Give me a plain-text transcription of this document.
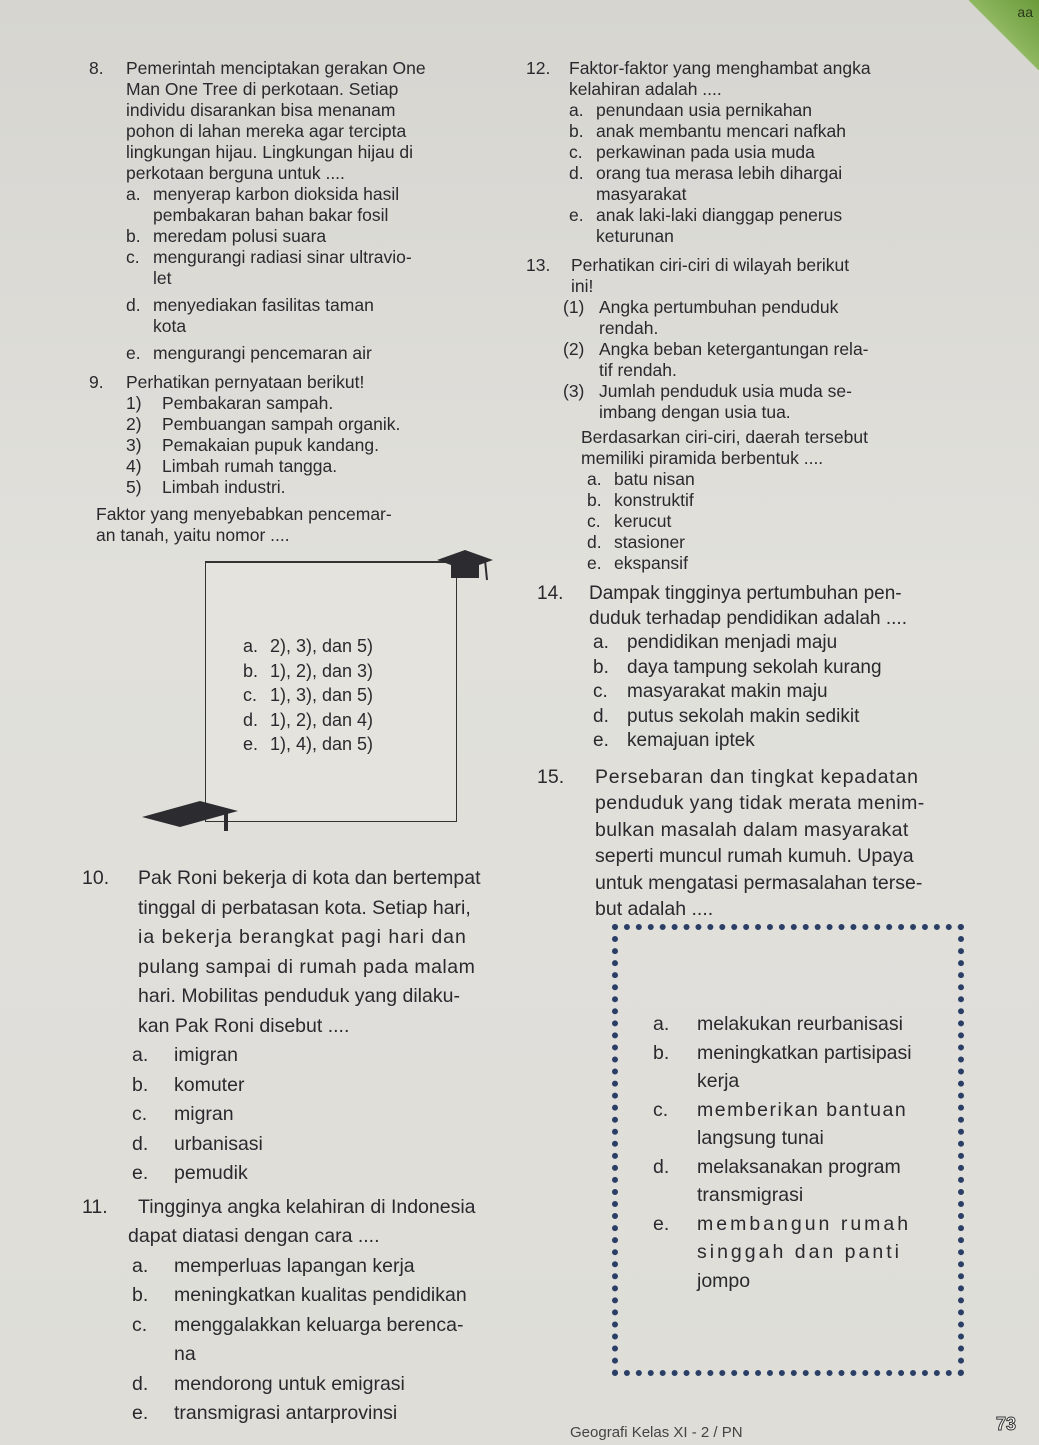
aa
8. Pemerintah menciptakan gerakan One
Man One Tree di perkotaan. Setiap
individu disarankan bisa menanam
pohon di lahan mereka agar tercipta
lingkungan hijau. Lingkungan hijau di
perkotaan berguna untuk ....
a. menyerap karbon dioksida hasil
pembakaran bahan bakar fosil
b. meredam polusi suara
c. mengurangi radiasi sinar ultravio-
let
d. menyediakan fasilitas taman
kota
e. mengurangi pencemaran air
9. Perhatikan pernyataan berikut!
1) Pembakaran sampah.
2) Pembuangan sampah organik.
3) Pemakaian pupuk kandang.
4) Limbah rumah tangga.
5) Limbah industri.
Faktor yang menyebabkan pencemar-
an tanah, yaitu nomor ....
a. 2), 3), dan 5)
b. 1), 2), dan 3)
c. 1), 3), dan 5)
d. 1), 2), dan 4)
e. 1), 4), dan 5)
10. Pak Roni bekerja di kota dan bertempat
tinggal di perbatasan kota. Setiap hari,
ia bekerja berangkat pagi hari dan
pulang sampai di rumah pada malam
hari. Mobilitas penduduk yang dilaku-
kan Pak Roni disebut ....
a. imigran
b. komuter
c. migran
d. urbanisasi
e. pemudik
11. Tingginya angka kelahiran di Indonesia
dapat diatasi dengan cara ....
a. memperluas lapangan kerja
b. meningkatkan kualitas pendidikan
c. menggalakkan keluarga berenca-
na
d. mendorong untuk emigrasi
e. transmigrasi antarprovinsi
12. Faktor-faktor yang menghambat angka
kelahiran adalah ....
a. penundaan usia pernikahan
b. anak membantu mencari nafkah
c. perkawinan pada usia muda
d. orang tua merasa lebih dihargai
masyarakat
e. anak laki-laki dianggap penerus
keturunan
13. Perhatikan ciri-ciri di wilayah berikut
ini!
(1) Angka pertumbuhan penduduk
rendah.
(2) Angka beban ketergantungan rela-
tif rendah.
(3) Jumlah penduduk usia muda se-
imbang dengan usia tua.
Berdasarkan ciri-ciri, daerah tersebut
memiliki piramida berbentuk ....
a. batu nisan
b. konstruktif
c. kerucut
d. stasioner
e. ekspansif
14. Dampak tingginya pertumbuhan pen-
duduk terhadap pendidikan adalah ....
a. pendidikan menjadi maju
b. daya tampung sekolah kurang
c. masyarakat makin maju
d. putus sekolah makin sedikit
e. kemajuan iptek
15. Persebaran dan tingkat kepadatan
penduduk yang tidak merata menim-
bulkan masalah dalam masyarakat
seperti muncul rumah kumuh. Upaya
untuk mengatasi permasalahan terse-
but adalah ....
a. melakukan reurbanisasi
b. meningkatkan partisipasi
kerja
c. memberikan bantuan
langsung tunai
d. melaksanakan program
transmigrasi
e. membangun rumah
singgah dan panti
jompo
Geografi Kelas XI - 2 / PN	73
